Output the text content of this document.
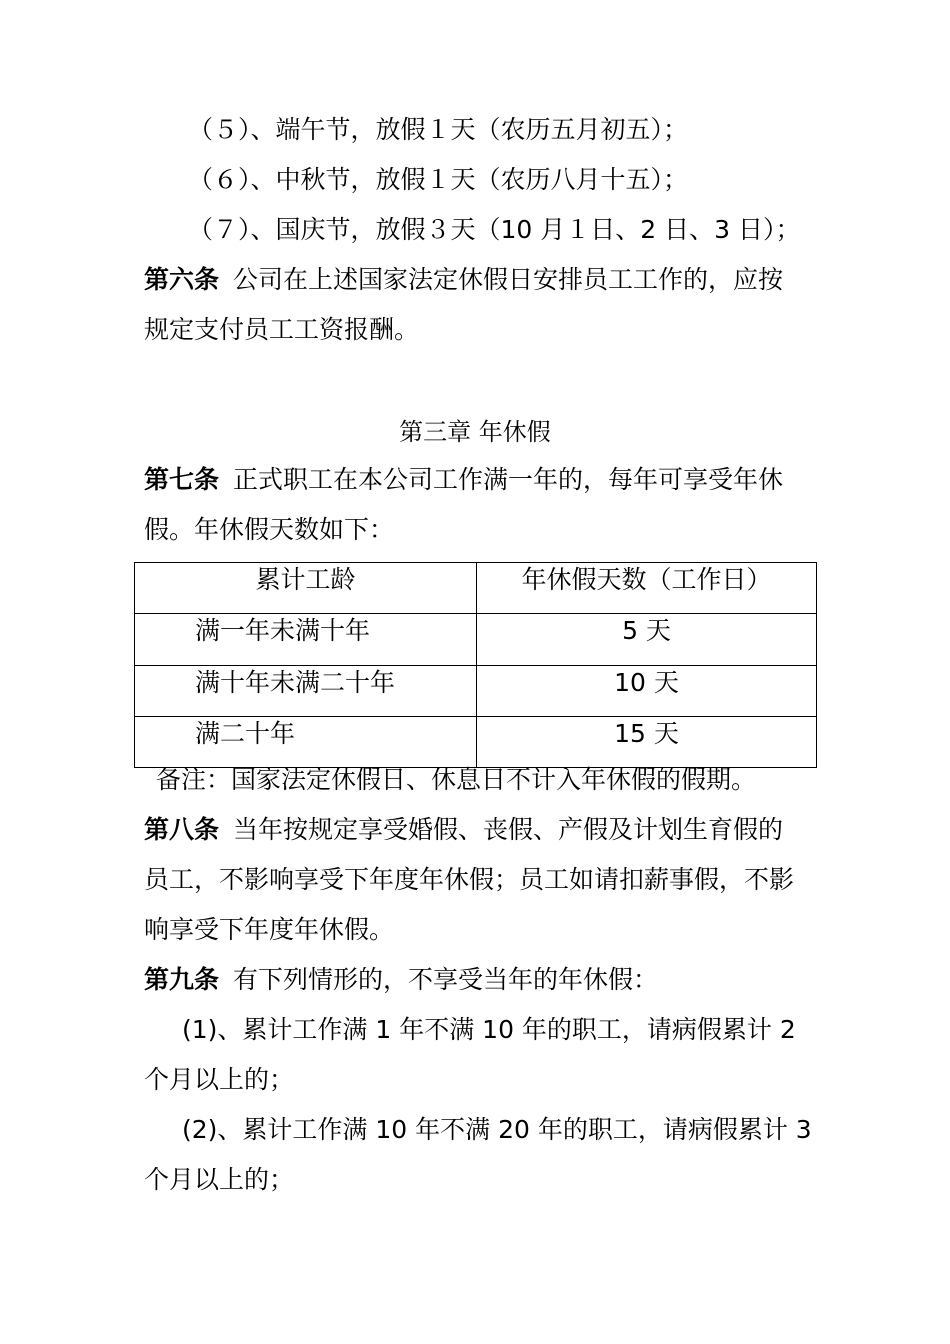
（５）、端午节，放假１天（农历五月初五）；
（６）、中秋节，放假１天（农历八月十五）；
（７）、国庆节，放假３天（10 月１日、2 日、3 日）；
第六条 公司在上述国家法定休假日安排员工工作的，应按
规定支付员工工资报酬。
第三章 年休假
第七条 正式职工在本公司工作满一年的，每年可享受年休
假。年休假天数如下：
累计工龄	年休假天数（工作日）
满一年未满十年	5 天
满十年未满二十年	10 天
满二十年	15 天
备注：国家法定休假日、休息日不计入年休假的假期。
第八条 当年按规定享受婚假、丧假、产假及计划生育假的
员工，不影响享受下年度年休假；员工如请扣薪事假，不影
响享受下年度年休假。
第九条 有下列情形的，不享受当年的年休假：
(1)、累计工作满 1 年不满 10 年的职工，请病假累计 2
个月以上的；
(2)、累计工作满 10 年不满 20 年的职工，请病假累计 3
个月以上的；
